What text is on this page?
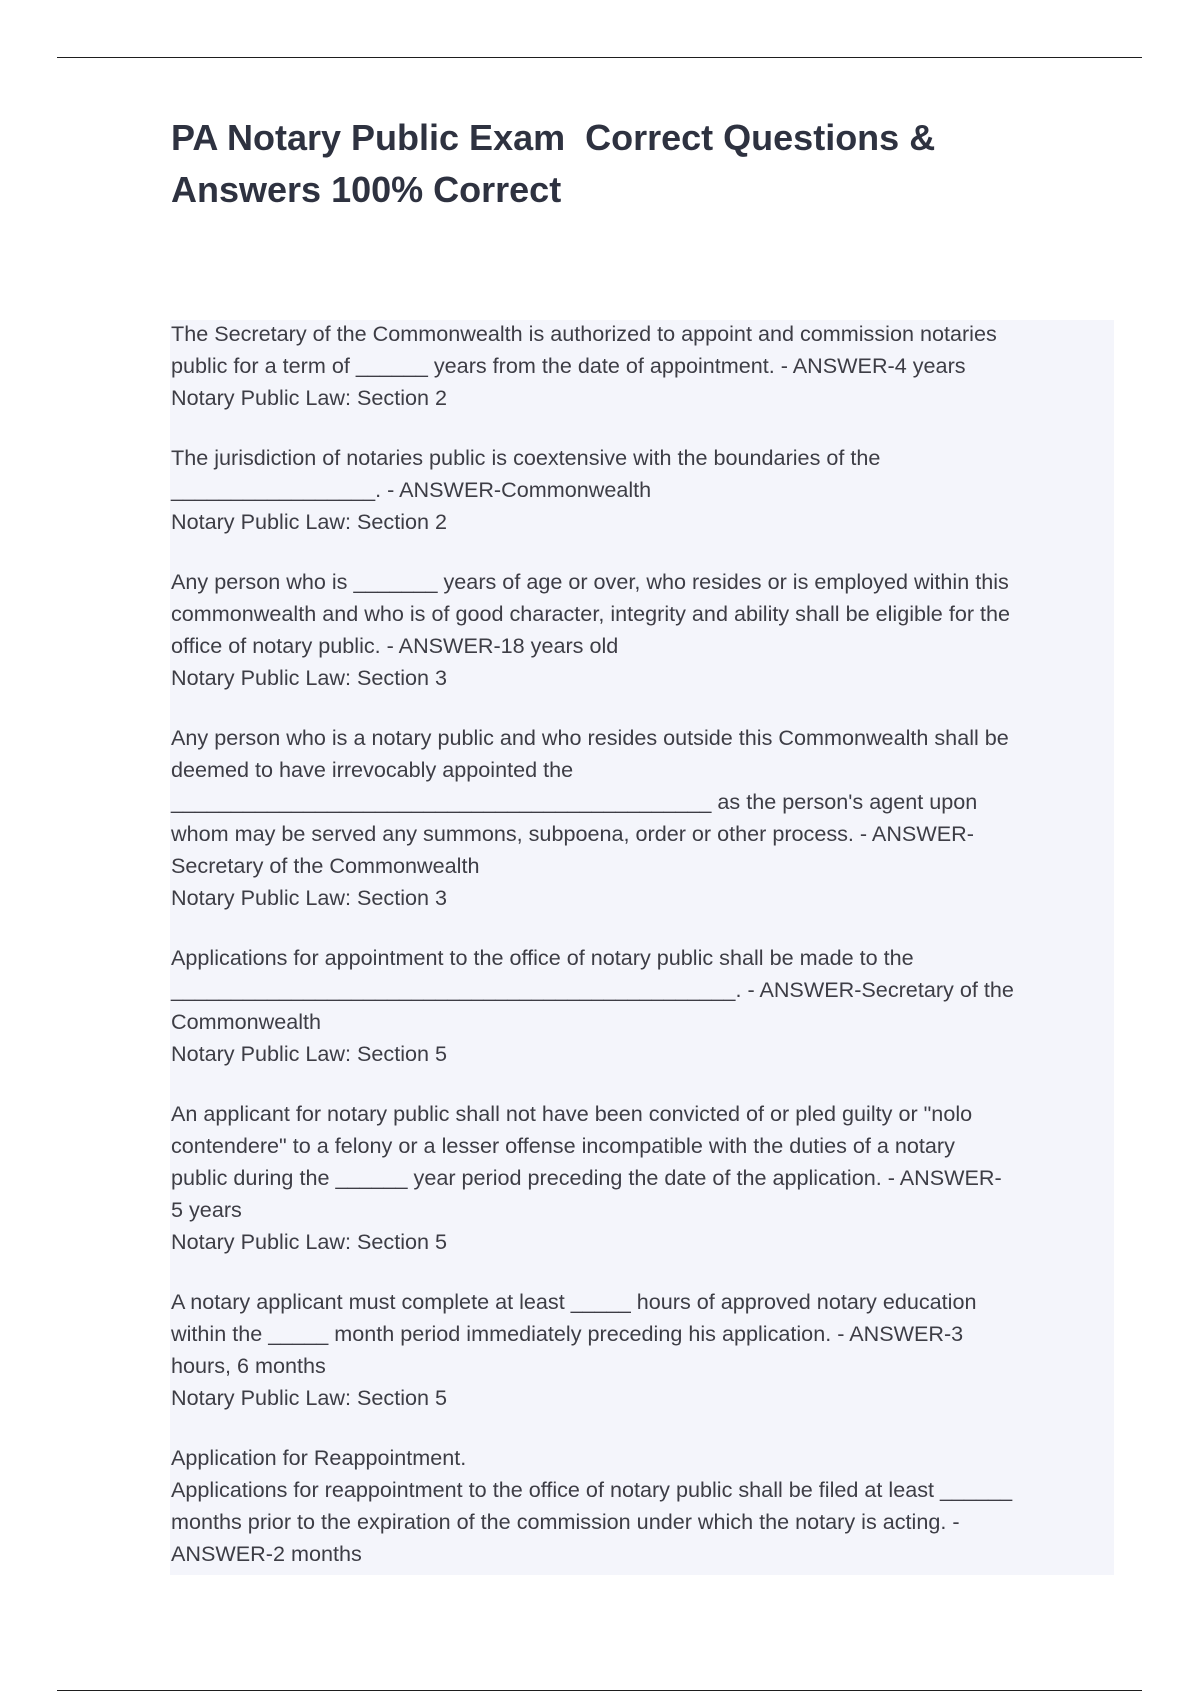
PA Notary Public Exam  Correct Questions &
Answers 100% Correct
The Secretary of the Commonwealth is authorized to appoint and commission notaries
public for a term of ______ years from the date of appointment. - ANSWER-4 years
Notary Public Law: Section 2
The jurisdiction of notaries public is coextensive with the boundaries of the
_________________. - ANSWER-Commonwealth
Notary Public Law: Section 2
Any person who is _______ years of age or over, who resides or is employed within this
commonwealth and who is of good character, integrity and ability shall be eligible for the
office of notary public. - ANSWER-18 years old
Notary Public Law: Section 3
Any person who is a notary public and who resides outside this Commonwealth shall be
deemed to have irrevocably appointed the
_____________________________________________ as the person's agent upon
whom may be served any summons, subpoena, order or other process. - ANSWER-
Secretary of the Commonwealth
Notary Public Law: Section 3
Applications for appointment to the office of notary public shall be made to the
_______________________________________________. - ANSWER-Secretary of the
Commonwealth
Notary Public Law: Section 5
An applicant for notary public shall not have been convicted of or pled guilty or "nolo
contendere" to a felony or a lesser offense incompatible with the duties of a notary
public during the ______ year period preceding the date of the application. - ANSWER-
5 years
Notary Public Law: Section 5
A notary applicant must complete at least _____ hours of approved notary education
within the _____ month period immediately preceding his application. - ANSWER-3
hours, 6 months
Notary Public Law: Section 5
Application for Reappointment.
Applications for reappointment to the office of notary public shall be filed at least ______
months prior to the expiration of the commission under which the notary is acting. -
ANSWER-2 months
